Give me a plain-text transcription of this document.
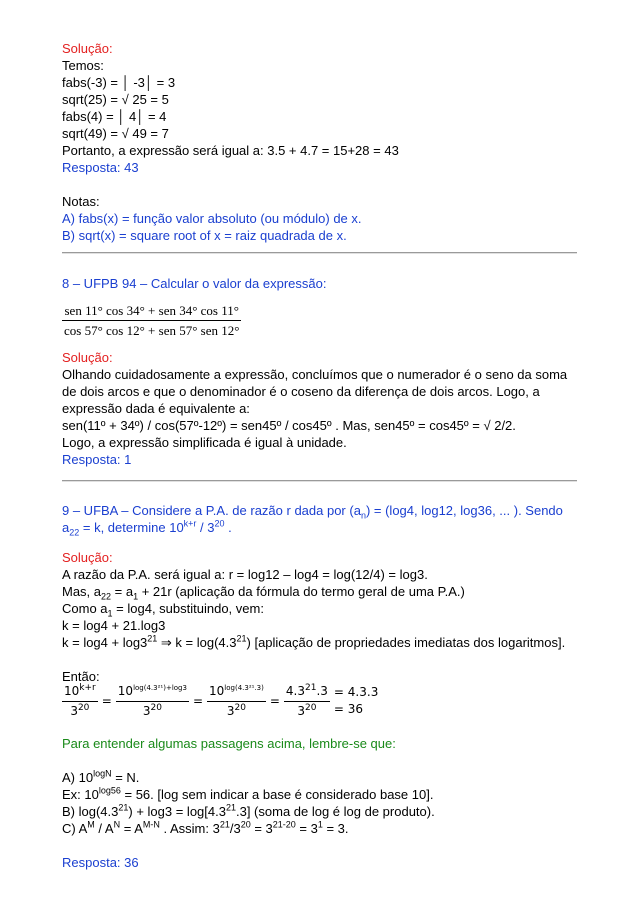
Solução:
Temos:
fabs(-3) = │ -3│ = 3
sqrt(25) = √ 25 = 5
fabs(4) = │ 4│ = 4
sqrt(49) = √ 49 = 7
Portanto, a expressão será igual a: 3.5 + 4.7 = 15+28 = 43
Resposta: 43
Notas:
A) fabs(x) = função valor absoluto (ou módulo) de x.
B) sqrt(x) = square root of x = raiz quadrada de x.
8 – UFPB 94 – Calcular o valor da expressão:
$\frac{\text{sen 11° cos 34° + sen 34° cos 11°}}{\text{cos 57° cos 12° + sen 57° sen 12°}}$
Solução:
Olhando cuidadosamente a expressão, concluímos que o numerador é o seno da soma de dois arcos e que o denominador é o coseno da diferença de dois arcos. Logo, a expressão dada é equivalente a:
sen(11º + 34º) / cos(57º-12º) = sen45º / cos45º . Mas, sen45º = cos45º = √ 2/2.
Logo, a expressão simplificada é igual à unidade.
Resposta: 1
9 – UFBA – Considere a P.A. de razão r dada por $(a_n) = (\log 4$, log12, log36, ... ). Sendo
$a_{22} = k$, determine $10^{k+r} / 3^{20}$ .
Solução:
A razão da P.A. será igual a: r = log12 – log4 = log(12/4) = log3.
Mas, $a_{22} = a_1 + 21r$ (aplicação da fórmula do termo geral de uma P.A.)
Como $a_1 = \log 4$, substituindo, vem:
k = log4 + 21.log3
$k = \log 4 + \log 3^{21}$ ⇒ $k = \log(4.3^{21})$ [aplicação de propriedades imediatas dos logaritmos].
Então:
$\frac{10^{k+r}}{3^{20}} = \frac{10^{log(4.3^{21})+log3}}{3^{20}} = \frac{10^{log(4.3^{21}.3)}}{3^{20}} = \frac{4.3^{21}.3}{3^{20}} = 4.3.3 = 36$
Para entender algumas passagens acima, lembre-se que:
A) $10^{logN} = N$.
Ex: $10^{log56} = 56$. [log sem indicar a base é considerado base 10].
B) $\log(4.3^{21}) + \log 3 = \log[4.3^{21}.3]$ (soma de log é log de produto).
C) $A^M / A^N = A^{M-N}$ . Assim: $3^{21}/3^{20} = 3^{21-20} = 3^1 = 3$.
Resposta: 36
